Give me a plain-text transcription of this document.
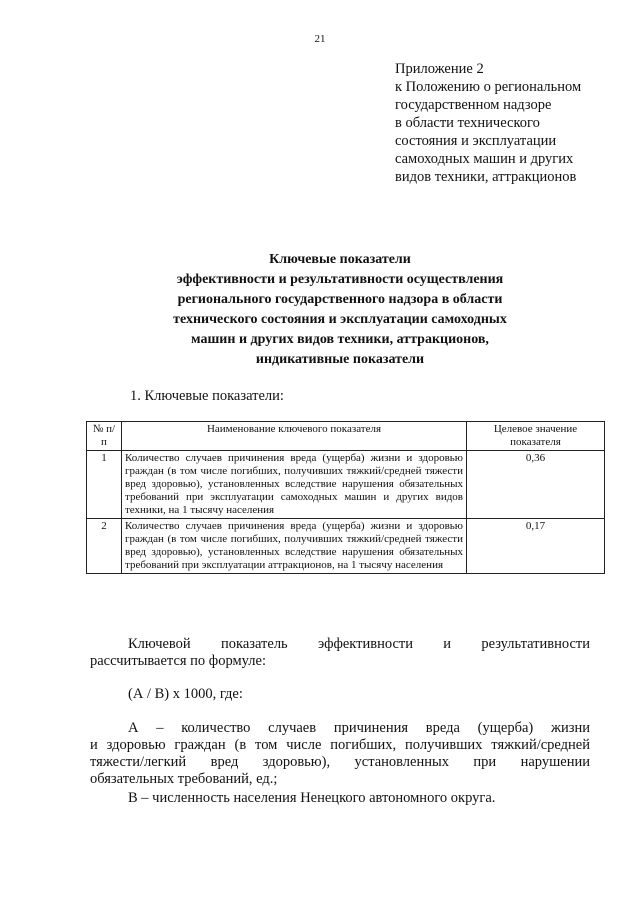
21
Приложение 2
к Положению о региональном
государственном надзоре
в области технического
состояния и эксплуатации
самоходных машин и других
видов техники, аттракционов
Ключевые показатели
эффективности и результативности осуществления
регионального государственного надзора в области
технического состояния и эксплуатации самоходных
машин и других видов техники, аттракционов,
индикативные показатели
1. Ключевые показатели:
№ п/п	Наименование ключевого показателя	Целевое значение показателя
1	Количество случаев причинения вреда (ущерба) жизни и здоровью граждан (в том числе погибших, получивших тяжкий/средней тяжести вред здоровью), установленных вследствие нарушения обязательных требований при эксплуатации самоходных машин и других видов техники, на 1 тысячу населения	0,36
2	Количество случаев причинения вреда (ущерба) жизни и здоровью граждан (в том числе погибших, получивших тяжкий/средней тяжести вред здоровью), установленных вследствие нарушения обязательных требований при эксплуатации аттракционов, на 1 тысячу населения	0,17
Ключевой показатель эффективности и результативности
рассчитывается по формуле:
(А / В) х 1000, где:
А – количество случаев причинения вреда (ущерба) жизни
и здоровью граждан (в том числе погибших, получивших тяжкий/средней
тяжести/легкий вред здоровью), установленных при нарушении
обязательных требований, ед.;
В – численность населения Ненецкого автономного округа.
